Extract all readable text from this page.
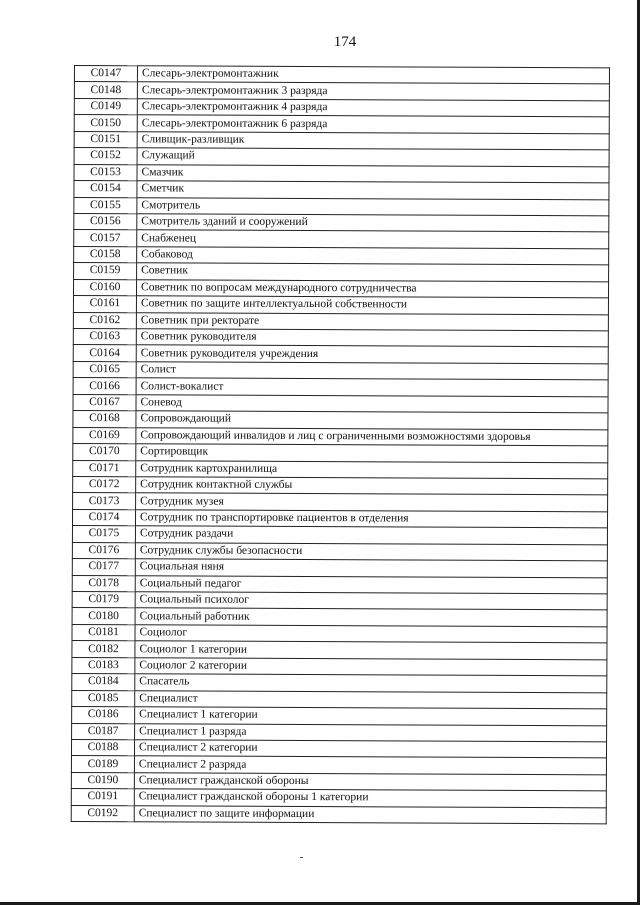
174
C0147	Слесарь-электромонтажник
C0148	Слесарь-электромонтажник 3 разряда
C0149	Слесарь-электромонтажник 4 разряда
C0150	Слесарь-электромонтажник 6 разряда
C0151	Сливщик-разливщик
C0152	Служащий
C0153	Смазчик
C0154	Сметчик
C0155	Смотритель
C0156	Смотритель зданий и сооружений
C0157	Снабженец
C0158	Собаковод
C0159	Советник
C0160	Советник по вопросам международного сотрудничества
C0161	Советник по защите интеллектуальной собственности
C0162	Советник при ректорате
C0163	Советник руководителя
C0164	Советник руководителя учреждения
C0165	Солист
C0166	Солист-вокалист
C0167	Соневод
C0168	Сопровождающий
C0169	Сопровождающий инвалидов и лиц с ограниченными возможностями здоровья
C0170	Сортировщик
C0171	Сотрудник картохранилища
C0172	Сотрудник контактной службы
C0173	Сотрудник музея
C0174	Сотрудник по транспортировке пациентов в отделения
C0175	Сотрудник раздачи
C0176	Сотрудник службы безопасности
C0177	Социальная няня
C0178	Социальный педагог
C0179	Социальный психолог
C0180	Социальный работник
C0181	Социолог
C0182	Социолог 1 категории
C0183	Социолог 2 категории
C0184	Спасатель
C0185	Специалист
C0186	Специалист 1 категории
C0187	Специалист 1 разряда
C0188	Специалист 2 категории
C0189	Специалист 2 разряда
C0190	Специалист гражданской обороны
C0191	Специалист гражданской обороны 1 категории
C0192	Специалист по защите информации
